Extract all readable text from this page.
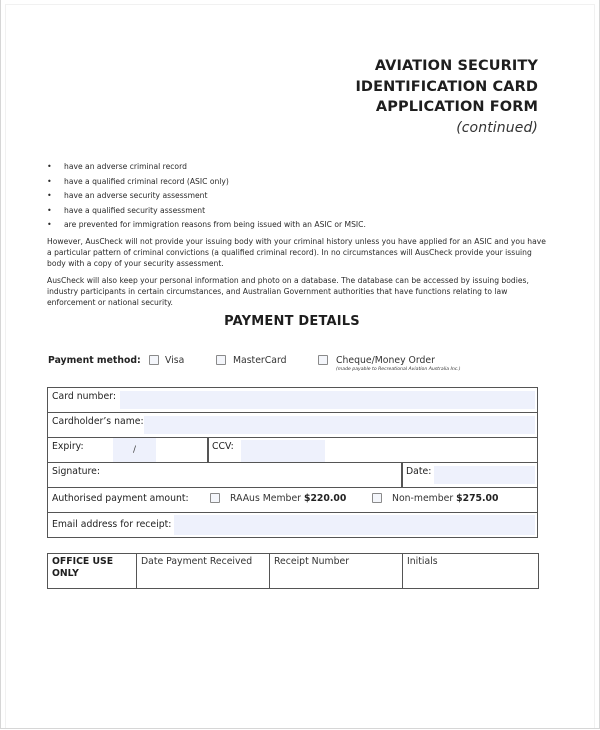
AVIATION SECURITY
IDENTIFICATION CARD
APPLICATION FORM
(continued)
• have an adverse criminal record
• have a qualified criminal record (ASIC only)
• have an adverse security assessment
• have a qualified security assessment
• are prevented for immigration reasons from being issued with an ASIC or MSIC.

However, AusCheck will not provide your issuing body with your criminal history unless you have applied for an ASIC and you have a particular pattern of criminal convictions (a qualified criminal record). In no circumstances will AusCheck provide your issuing body with a copy of your security assessment.

AusCheck will also keep your personal information and photo on a database. The database can be accessed by issuing bodies, industry participants in certain circumstances, and Australian Government authorities that have functions relating to law enforcement or national security.

PAYMENT DETAILS
Payment method:	Visa	MasterCard	Cheque/Money Order
(made payable to Recreational Aviation Australia Inc.)
Card number:
Cardholder’s name:
Expiry:	/	CCV:
Signature:	Date:
Authorised payment amount:	RAAus Member $220.00	Non-member $275.00
Email address for receipt:
OFFICE USE
ONLY
Date Payment Received	Receipt Number	Initials
